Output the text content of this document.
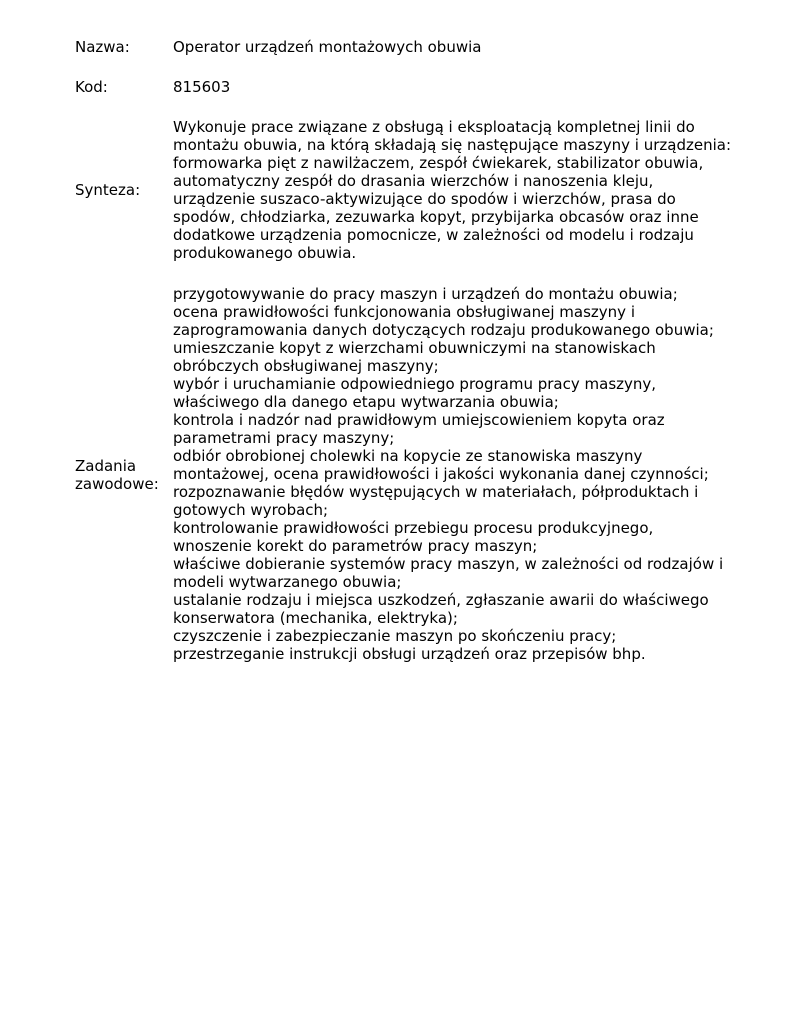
Nazwa:	Operator urządzeń montażowych obuwia
Kod:	815603
Synteza:
Wykonuje prace związane z obsługą i eksploatacją kompletnej linii do
montażu obuwia, na którą składają się następujące maszyny i urządzenia:
formowarka pięt z nawilżaczem, zespół ćwiekarek, stabilizator obuwia,
automatyczny zespół do drasania wierzchów i nanoszenia kleju,
urządzenie suszaco-aktywizujące do spodów i wierzchów, prasa do
spodów, chłodziarka, zezuwarka kopyt, przybijarka obcasów oraz inne
dodatkowe urządzenia pomocnicze, w zależności od modelu i rodzaju
produkowanego obuwia.
Zadania
zawodowe:
przygotowywanie do pracy maszyn i urządzeń do montażu obuwia;
ocena prawidłowości funkcjonowania obsługiwanej maszyny i
zaprogramowania danych dotyczących rodzaju produkowanego obuwia;
umieszczanie kopyt z wierzchami obuwniczymi na stanowiskach
obróbczych obsługiwanej maszyny;
wybór i uruchamianie odpowiedniego programu pracy maszyny,
właściwego dla danego etapu wytwarzania obuwia;
kontrola i nadzór nad prawidłowym umiejscowieniem kopyta oraz
parametrami pracy maszyny;
odbiór obrobionej cholewki na kopycie ze stanowiska maszyny
montażowej, ocena prawidłowości i jakości wykonania danej czynności;
rozpoznawanie błędów występujących w materiałach, półproduktach i
gotowych wyrobach;
kontrolowanie prawidłowości przebiegu procesu produkcyjnego,
wnoszenie korekt do parametrów pracy maszyn;
właściwe dobieranie systemów pracy maszyn, w zależności od rodzajów i
modeli wytwarzanego obuwia;
ustalanie rodzaju i miejsca uszkodzeń, zgłaszanie awarii do właściwego
konserwatora (mechanika, elektryka);
czyszczenie i zabezpieczanie maszyn po skończeniu pracy;
przestrzeganie instrukcji obsługi urządzeń oraz przepisów bhp.
